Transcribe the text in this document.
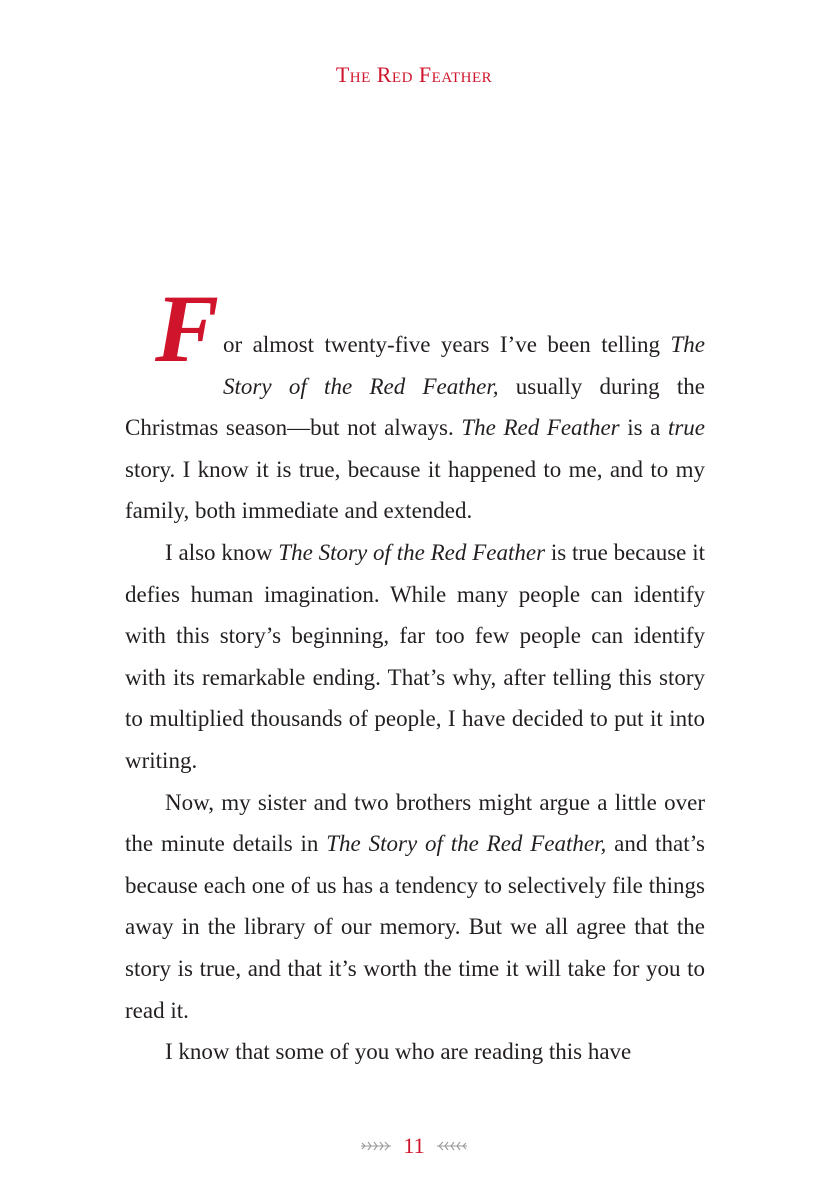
The Red Feather

F or almost twenty-five years I’ve been telling The Story of the Red Feather, usually during the Christmas season—but not always. The Red Feather is a true story. I know it is true, because it happened to me, and to my family, both immediate and extended.

I also know The Story of the Red Feather is true because it defies human imagination. While many people can identify with this story’s beginning, far too few people can identify with its remarkable ending. That’s why, after telling this story to multiplied thousands of people, I have decided to put it into writing.

Now, my sister and two brothers might argue a little over the minute details in The Story of the Red Feather, and that’s because each one of us has a tendency to selectively file things away in the library of our memory. But we all agree that the story is true, and that it’s worth the time it will take for you to read it.

I know that some of you who are reading this have

11
